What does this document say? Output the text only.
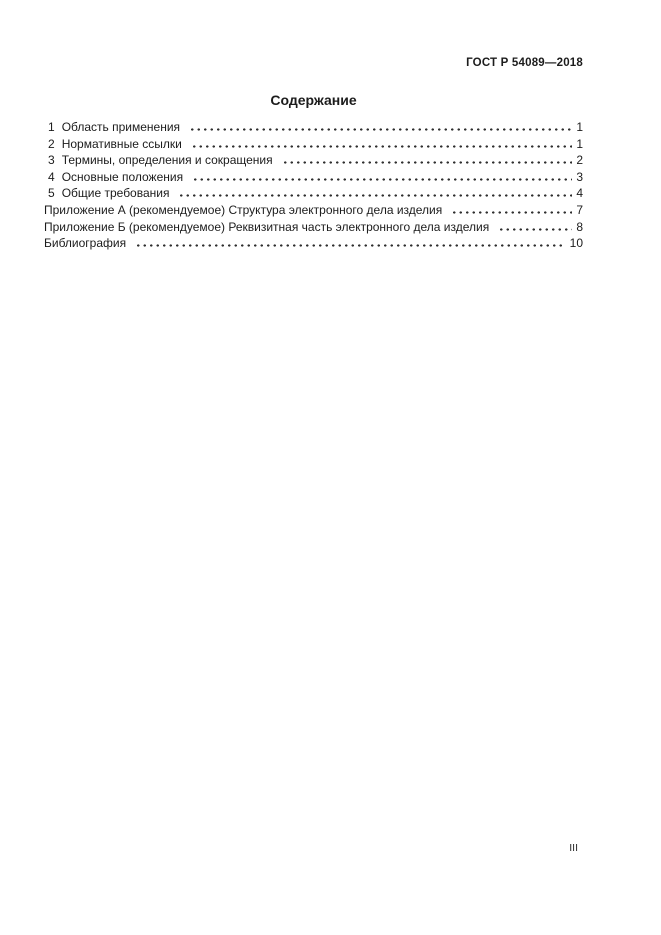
ГОСТ Р 54089—2018
Содержание
1 Область применения	1
2 Нормативные ссылки	1
3 Термины, определения и сокращения	2
4 Основные положения	3
5 Общие требования	4
Приложение А (рекомендуемое) Структура электронного дела изделия	7
Приложение Б (рекомендуемое) Реквизитная часть электронного дела изделия	8
Библиография	10
III
